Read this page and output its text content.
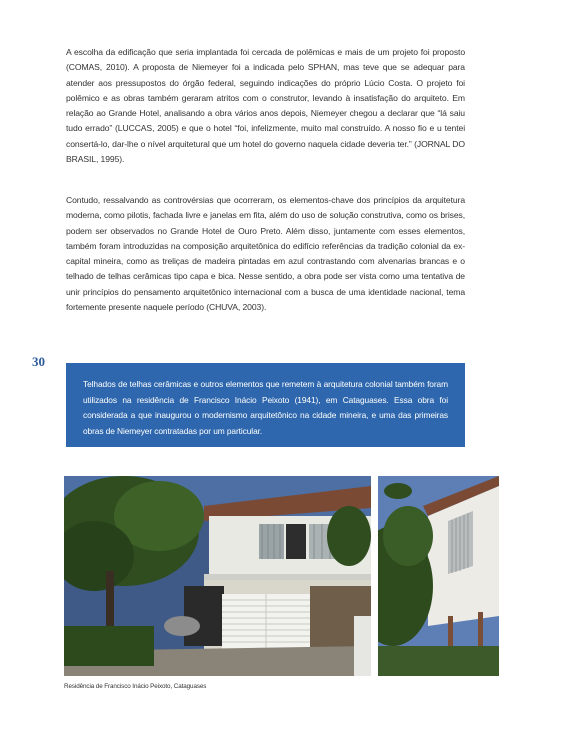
A escolha da edificação que seria implantada foi cercada de polêmicas e mais de um projeto foi proposto (COMAS, 2010). A proposta de Niemeyer foi a indicada pelo SPHAN, mas teve que se adequar para atender aos pressupostos do órgão federal, seguindo indicações do próprio Lúcio Costa. O projeto foi polêmico e as obras também geraram atritos com o construtor, levando à insatisfação do arquiteto. Em relação ao Grande Hotel, analisando a obra vários anos depois, Niemeyer chegou a declarar que “lá saiu tudo errado” (LUCCAS, 2005) e que o hotel “foi, infelizmente, muito mal construído. A nosso fio e u tentei consertá-lo, dar-lhe o nível arquitetural que um hotel do governo naquela cidade deveria ter.” (JORNAL DO BRASIL, 1995).

Contudo, ressalvando as controvérsias que ocorreram, os elementos-chave dos princípios da arquitetura moderna, como pilotis, fachada livre e janelas em fita, além do uso de solução construtiva, como os brises, podem ser observados no Grande Hotel de Ouro Preto. Além disso, juntamente com esses elementos, também foram introduzidas na composição arquitetônica do edifício referências da tradição colonial da ex-capital mineira, como as treliças de madeira pintadas em azul contrastando com alvenarias brancas e o telhado de telhas cerâmicas tipo capa e bica. Nesse sentido, a obra pode ser vista como uma tentativa de unir princípios do pensamento arquitetônico internacional com a busca de uma identidade nacional, tema fortemente presente naquele período (CHUVA, 2003).

30

Telhados de telhas cerâmicas e outros elementos que remetem à arquitetura colonial também foram utilizados na residência de Francisco Inácio Peixoto (1941), em Cataguases. Essa obra foi considerada a que inaugurou o modernismo arquitetônico na cidade mineira, e uma das primeiras obras de Niemeyer contratadas por um particular.

Residência de Francisco Inácio Peixoto, Cataguases
